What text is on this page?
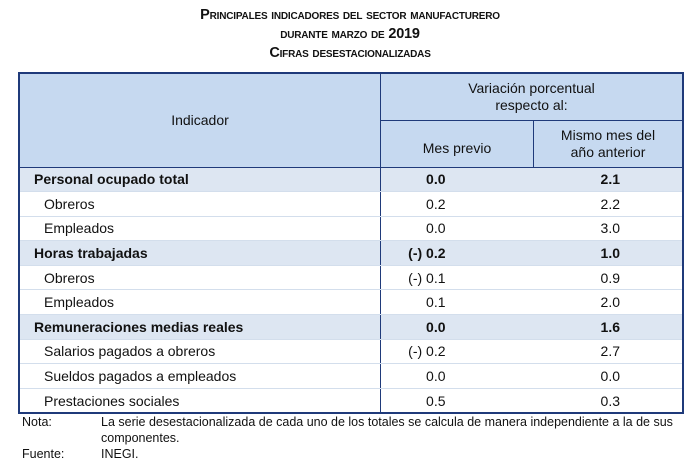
Principales indicadores del sector manufacturero
durante marzo de 2019
Cifras desestacionalizadas
Indicador	Variación porcentual respecto al:	
	Mes previo	Mismo mes del año anterior
Personal ocupado total	0.0	2.1
Obreros	0.2	2.2
Empleados	0.0	3.0
Horas trabajadas	(-) 0.2	1.0
Obreros	(-) 0.1	0.9
Empleados	0.1	2.0
Remuneraciones medias reales	0.0	1.6
Salarios pagados a obreros	(-) 0.2	2.7
Sueldos pagados a empleados	0.0	0.0
Prestaciones sociales	0.5	0.3
Nota:	La serie desestacionalizada de cada uno de los totales se calcula de manera independiente a la de sus componentes.
Fuente:	INEGI.
